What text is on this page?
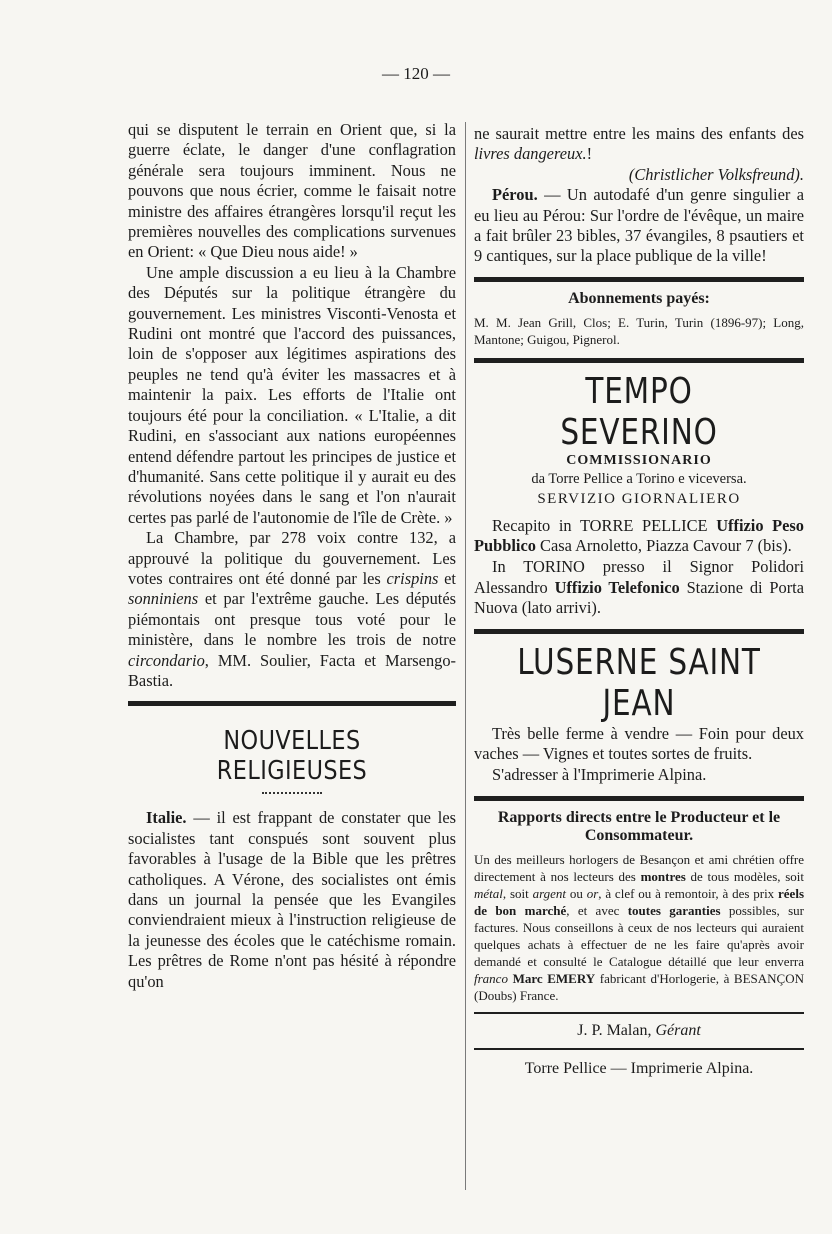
— 120 —

qui se disputent le terrain en Orient que, si la guerre éclate, le danger d'une conflagration générale sera toujours imminent. Nous ne pouvons que nous écrier, comme le faisait notre ministre des affaires étrangères lorsqu'il reçut les premières nouvelles des complications survenues en Orient: « Que Dieu nous aide! »

Une ample discussion a eu lieu à la Chambre des Députés sur la politique étrangère du gouvernement. Les ministres Visconti-Venosta et Rudini ont montré que l'accord des puissances, loin de s'opposer aux légitimes aspirations des peuples ne tend qu'à éviter les massacres et à maintenir la paix. Les efforts de l'Italie ont toujours été pour la conciliation. « L'Italie, a dit Rudini, en s'associant aux nations européennes entend défendre partout les principes de justice et d'humanité. Sans cette politique il y aurait eu des révolutions noyées dans le sang et l'on n'aurait certes pas parlé de l'autonomie de l'île de Crète. »

La Chambre, par 278 voix contre 132, a approuvé la politique du gouvernement. Les votes contraires ont été donné par les crispins et sonniniens et par l'extrême gauche. Les députés piémontais ont presque tous voté pour le ministère, dans le nombre les trois de notre circondario, MM. Soulier, Facta et Marsengo-Bastia.

NOUVELLES RELIGIEUSES

Italie. — il est frappant de constater que les socialistes tant conspués sont souvent plus favorables à l'usage de la Bible que les prêtres catholiques. A Vérone, des socialistes ont émis dans un journal la pensée que les Evangiles conviendraient mieux à l'instruction religieuse de la jeunesse des écoles que le catéchisme romain. Les prêtres de Rome n'ont pas hésité à répondre qu'on

ne saurait mettre entre les mains des enfants des livres dangereux.!

(Christlicher Volksfreund).

Pérou. — Un autodafé d'un genre singulier a eu lieu au Pérou: Sur l'ordre de l'évêque, un maire a fait brûler 23 bibles, 37 évangiles, 8 psautiers et 9 cantiques, sur la place publique de la ville!

Abonnements payés:

M. M. Jean Grill, Clos; E. Turin, Turin (1896-97); Long, Mantone; Guigou, Pignerol.

TEMPO SEVERINO
COMMISSIONARIO
da Torre Pellice a Torino e viceversa.
SERVIZIO GIORNALIERO

Recapito in TORRE PELLICE Uffizio Peso Pubblico Casa Arnoletto, Piazza Cavour 7 (bis).

In TORINO presso il Signor Polidori Alessandro Uffizio Telefonico Stazione di Porta Nuova (lato arrivi).

LUSERNE SAINT JEAN

Très belle ferme à vendre — Foin pour deux vaches — Vignes et toutes sortes de fruits.

S'adresser à l'Imprimerie Alpina.

Rapports directs entre le Producteur et le Consommateur.

Un des meilleurs horlogers de Besançon et ami chrétien offre directement à nos lecteurs des montres de tous modèles, soit métal, soit argent ou or, à clef ou à remontoir, à des prix réels de bon marché, et avec toutes garanties possibles, sur factures. Nous conseillons à ceux de nos lecteurs qui auraient quelques achats à effectuer de ne les faire qu'après avoir demandé et consulté le Catalogue détaillé que leur enverra franco Marc EMERY fabricant d'Horlogerie, à BESANÇON (Doubs) France.

J. P. Malan, Gérant
Torre Pellice — Imprimerie Alpina.
